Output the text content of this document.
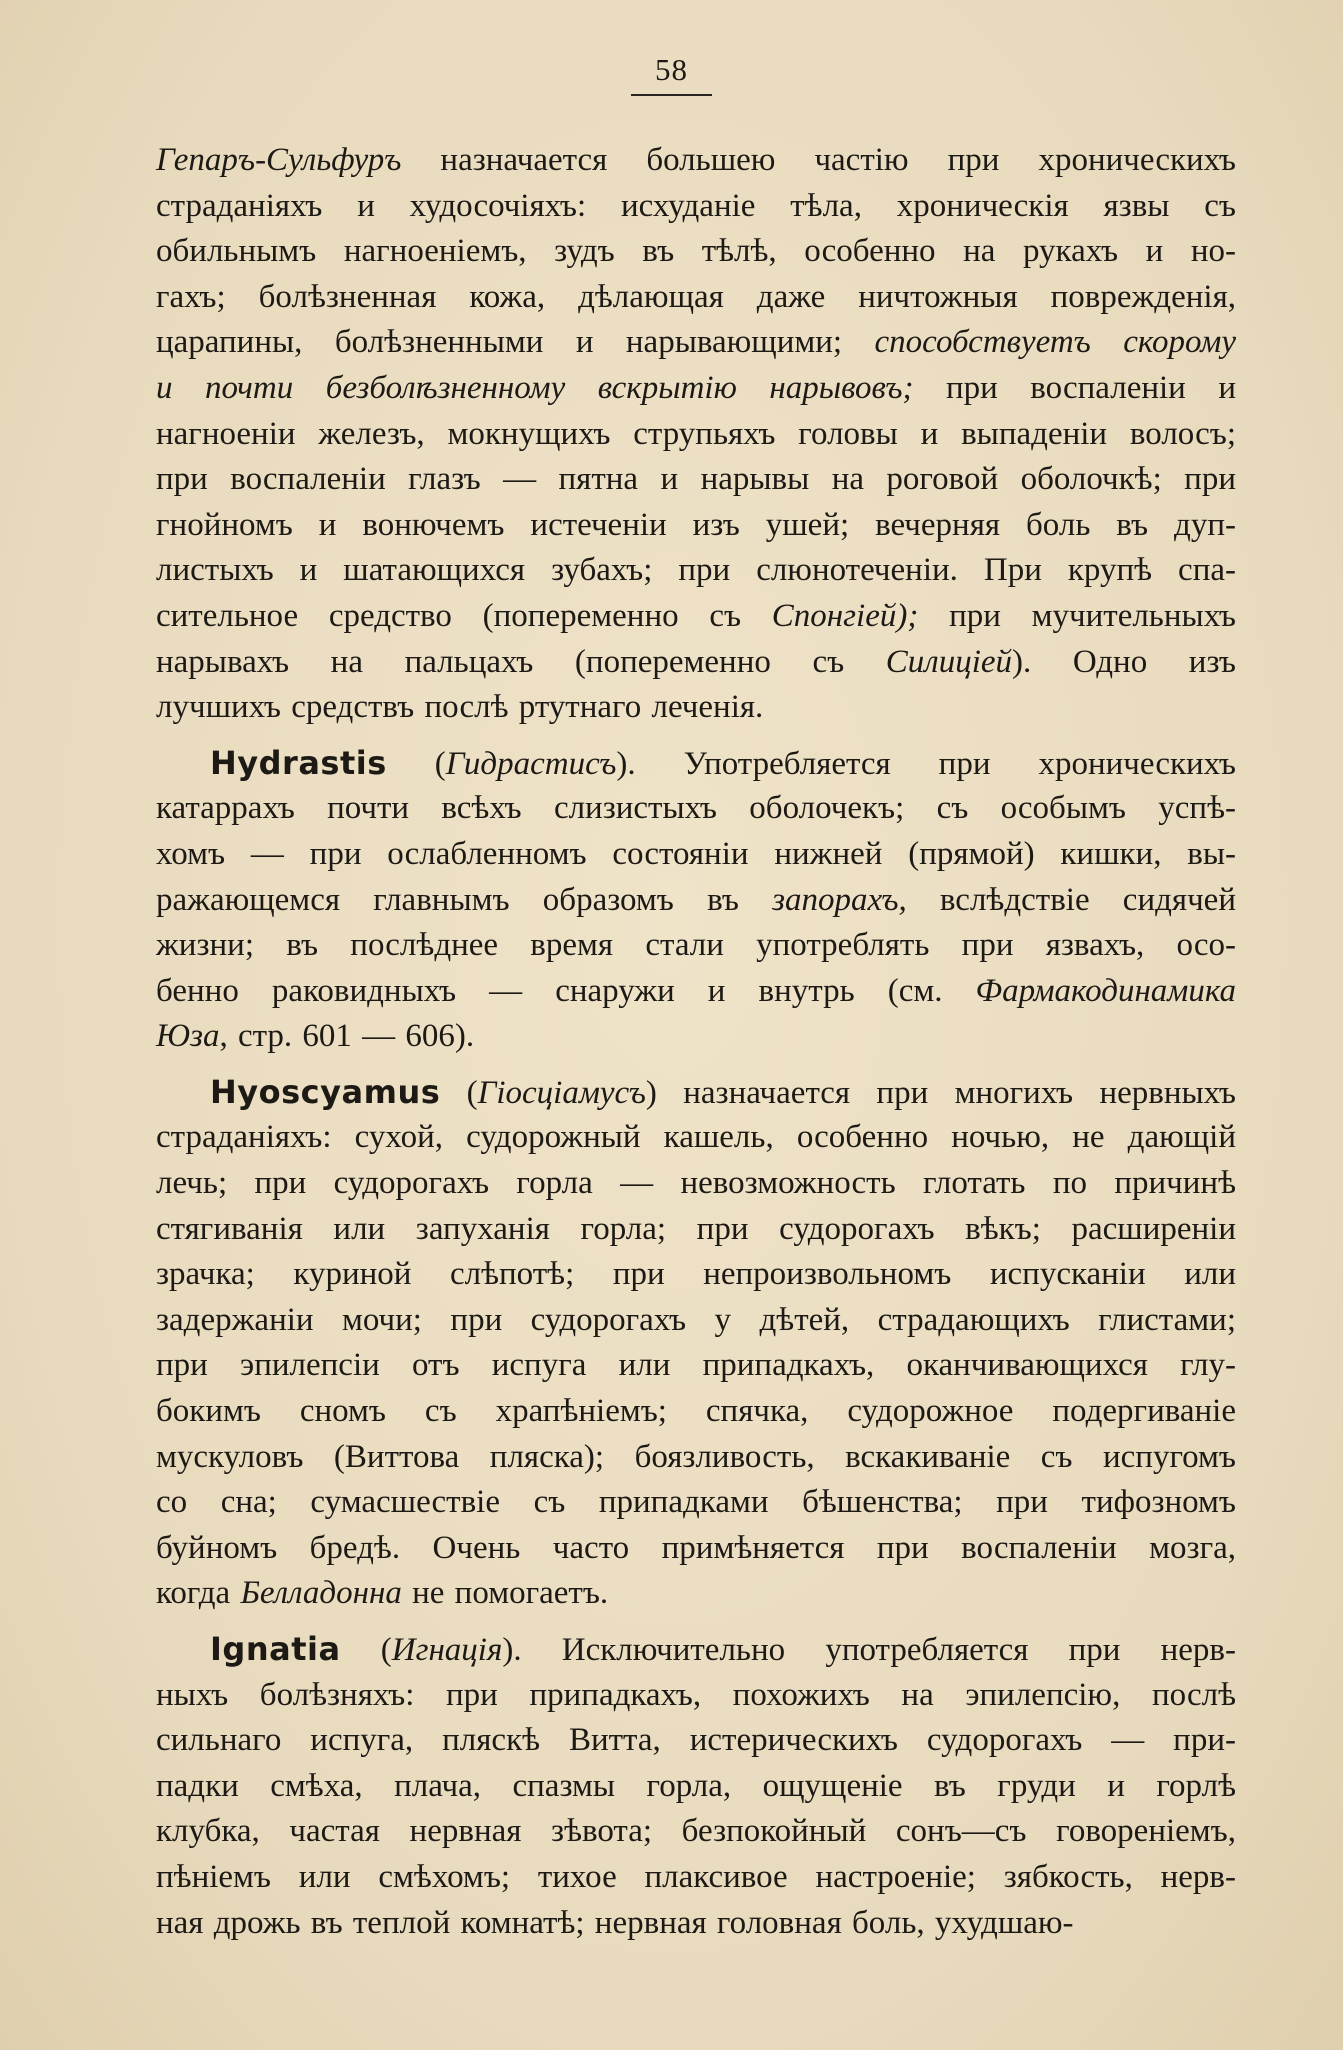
58
Гепаръ-Сульфуръ назначается большею частію при хроническихъ
страданіяхъ и худосочіяхъ: исхуданіе тѣла, хроническія язвы съ
обильнымъ нагноеніемъ, зудъ въ тѣлѣ, особенно на рукахъ и но-
гахъ; болѣзненная кожа, дѣлающая даже ничтожныя поврежденія,
царапины, болѣзненными и нарывающими; способствуетъ скорому
и почти безболѣзненному вскрытію нарывовъ; при воспаленіи и
нагноеніи железъ, мокнущихъ струпьяхъ головы и выпаденіи волосъ;
при воспаленіи глазъ — пятна и нарывы на роговой оболочкѣ; при
гнойномъ и вонючемъ истеченіи изъ ушей; вечерняя боль въ дуп-
листыхъ и шатающихся зубахъ; при слюнотеченіи. При крупѣ спа-
сительное средство (попеременно съ Спонгіей); при мучительныхъ
нарывахъ на пальцахъ (попеременно съ Силиціей). Одно изъ
лучшихъ средствъ послѣ ртутнаго леченія.
Hydrastis (Гидрастисъ). Употребляется при хроническихъ
катаррахъ почти всѣхъ слизистыхъ оболочекъ; съ особымъ успѣ-
хомъ — при ослабленномъ состояніи нижней (прямой) кишки, вы-
ражающемся главнымъ образомъ въ запорахъ, вслѣдствіе сидячей
жизни; въ послѣднее время стали употреблять при язвахъ, осо-
бенно раковидныхъ — снаружи и внутрь (см. Фармакодинамика
Юза, стр. 601 — 606).
Hyoscyamus (Гіосціамусъ) назначается при многихъ нервныхъ
страданіяхъ: сухой, судорожный кашель, особенно ночью, не дающій
лечь; при судорогахъ горла — невозможность глотать по причинѣ
стягиванія или запуханія горла; при судорогахъ вѣкъ; расширеніи
зрачка; куриной слѣпотѣ; при непроизвольномъ испусканіи или
задержаніи мочи; при судорогахъ у дѣтей, страдающихъ глистами;
при эпилепсіи отъ испуга или припадкахъ, оканчивающихся глу-
бокимъ сномъ съ храпѣніемъ; спячка, судорожное подергиваніе
мускуловъ (Виттова пляска); боязливость, вскакиваніе съ испугомъ
со сна; сумасшествіе съ припадками бѣшенства; при тифозномъ
буйномъ бредѣ. Очень часто примѣняется при воспаленіи мозга,
когда Белладонна не помогаетъ.
Ignatia (Игнація). Исключительно употребляется при нерв-
ныхъ болѣзняхъ: при припадкахъ, похожихъ на эпилепсію, послѣ
сильнаго испуга, пляскѣ Витта, истерическихъ судорогахъ — при-
падки смѣха, плача, спазмы горла, ощущеніе въ груди и горлѣ
клубка, частая нервная зѣвота; безпокойный сонъ—съ говореніемъ,
пѣніемъ или смѣхомъ; тихое плаксивое настроеніе; зябкость, нерв-
ная дрожь въ теплой комнатѣ; нервная головная боль, ухудшаю-
